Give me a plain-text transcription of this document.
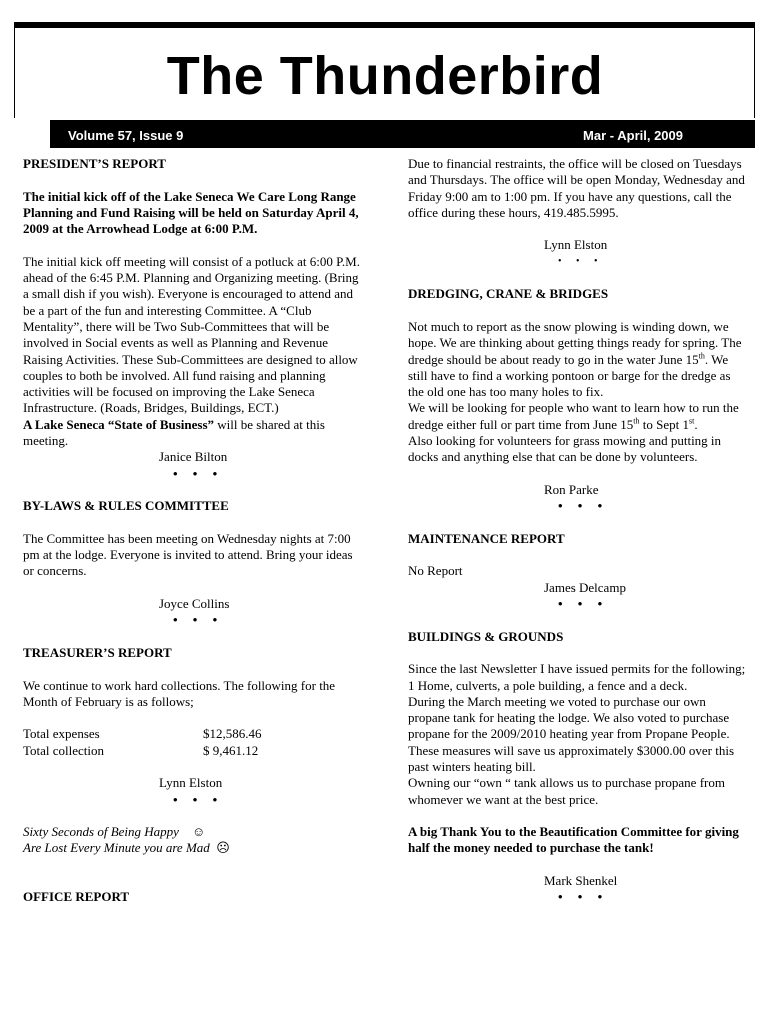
The Thunderbird
Volume 57, Issue 9	Mar - April, 2009

PRESIDENT’S REPORT

The initial kick off of the Lake Seneca We Care Long Range Planning and Fund Raising will be held on Saturday April 4, 2009 at the Arrowhead Lodge at 6:00 P.M.

The initial kick off meeting will consist of a potluck at 6:00 P.M. ahead of the 6:45 P.M. Planning and Organizing meeting. (Bring a small dish if you wish). Everyone is encouraged to attend and be a part of the fun and interesting Committee. A “Club Mentality”, there will be Two Sub-Committees that will be involved in Social events as well as Planning and Revenue Raising Activities. These Sub-Committees are designed to allow couples to both be involved. All fund raising and planning activities will be focused on improving the Lake Seneca Infrastructure. (Roads, Bridges, Buildings, ECT.)

A Lake Seneca “State of Business” will be shared at this meeting.

Janice Bilton

• • •

BY-LAWS & RULES COMMITTEE

The Committee has been meeting on Wednesday nights at 7:00 pm at the lodge. Everyone is invited to attend. Bring your ideas or concerns.

Joyce Collins

• • •

TREASURER’S REPORT

We continue to work hard collections. The following for the Month of February is as follows;

Total expenses	$12,586.46
Total collection	$ 9,461.12

Lynn Elston

• • •

Sixty Seconds of Being Happy ☺

Are Lost Every Minute you are Mad ☹

OFFICE REPORT

Due to financial restraints, the office will be closed on Tuesdays and Thursdays. The office will be open Monday, Wednesday and Friday 9:00 am to 1:00 pm. If you have any questions, call the office during these hours, 419.485.5995.

Lynn Elston

• • •

DREDGING, CRANE & BRIDGES

Not much to report as the snow plowing is winding down, we hope. We are thinking about getting things ready for spring. The dredge should be about ready to go in the water June 15th. We still have to find a working pontoon or barge for the dredge as the old one has too many holes to fix.

We will be looking for people who want to learn how to run the dredge either full or part time from June 15th to Sept 1st.

Also looking for volunteers for grass mowing and putting in docks and anything else that can be done by volunteers.

Ron Parke

• • •

MAINTENANCE REPORT

No Report

James Delcamp

• • •

BUILDINGS & GROUNDS

Since the last Newsletter I have issued permits for the following; 1 Home, culverts, a pole building, a fence and a deck.

During the March meeting we voted to purchase our own propane tank for heating the lodge. We also voted to purchase propane for the 2009/2010 heating year from Propane People. These measures will save us approximately $3000.00 over this past winters heating bill.

Owning our “own “ tank allows us to purchase propane from whomever we want at the best price.

A big Thank You to the Beautification Committee for giving half the money needed to purchase the tank!

Mark Shenkel

• • •
